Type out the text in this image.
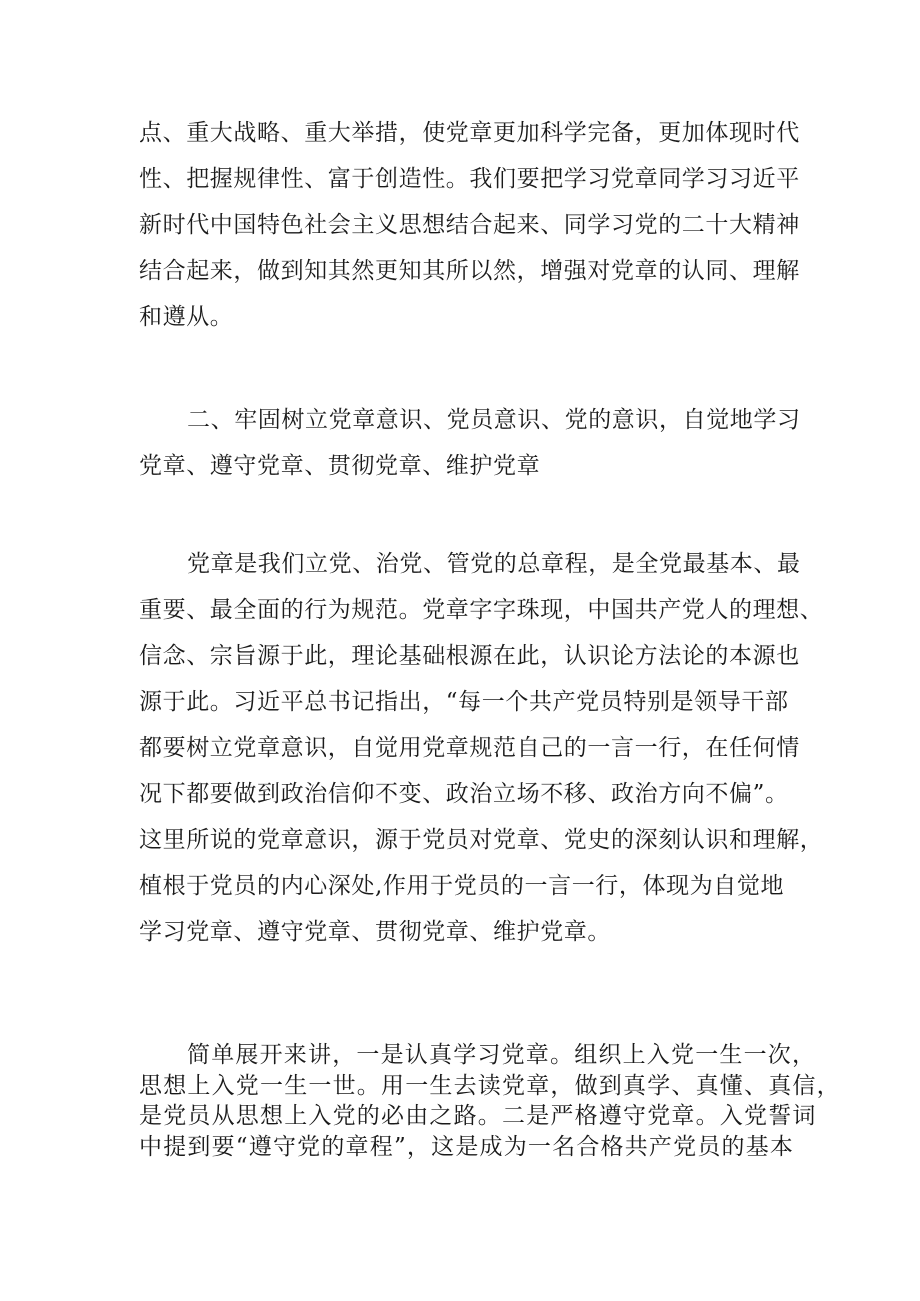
点、重大战略、重大举措，使党章更加科学完备，更加体现时代
性、把握规律性、富于创造性。我们要把学习党章同学习习近平
新时代中国特色社会主义思想结合起来、同学习党的二十大精神
结合起来，做到知其然更知其所以然，增强对党章的认同、理解
和遵从。
二、牢固树立党章意识、党员意识、党的意识，自觉地学习
党章、遵守党章、贯彻党章、维护党章
党章是我们立党、治党、管党的总章程，是全党最基本、最
重要、最全面的行为规范。党章字字珠现，中国共产党人的理想、
信念、宗旨源于此，理论基础根源在此，认识论方法论的本源也
源于此。习近平总书记指出，“每一个共产党员特别是领导干部
都要树立党章意识，自觉用党章规范自己的一言一行，在任何情
况下都要做到政治信仰不变、政治立场不移、政治方向不偏”。
这里所说的党章意识，源于党员对党章、党史的深刻认识和理解，
植根于党员的内心深处,作用于党员的一言一行，体现为自觉地
学习党章、遵守党章、贯彻党章、维护党章。
简单展开来讲，一是认真学习党章。组织上入党一生一次，
思想上入党一生一世。用一生去读党章，做到真学、真懂、真信，
是党员从思想上入党的必由之路。二是严格遵守党章。入党誓词
中提到要“遵守党的章程”，这是成为一名合格共产党员的基本
